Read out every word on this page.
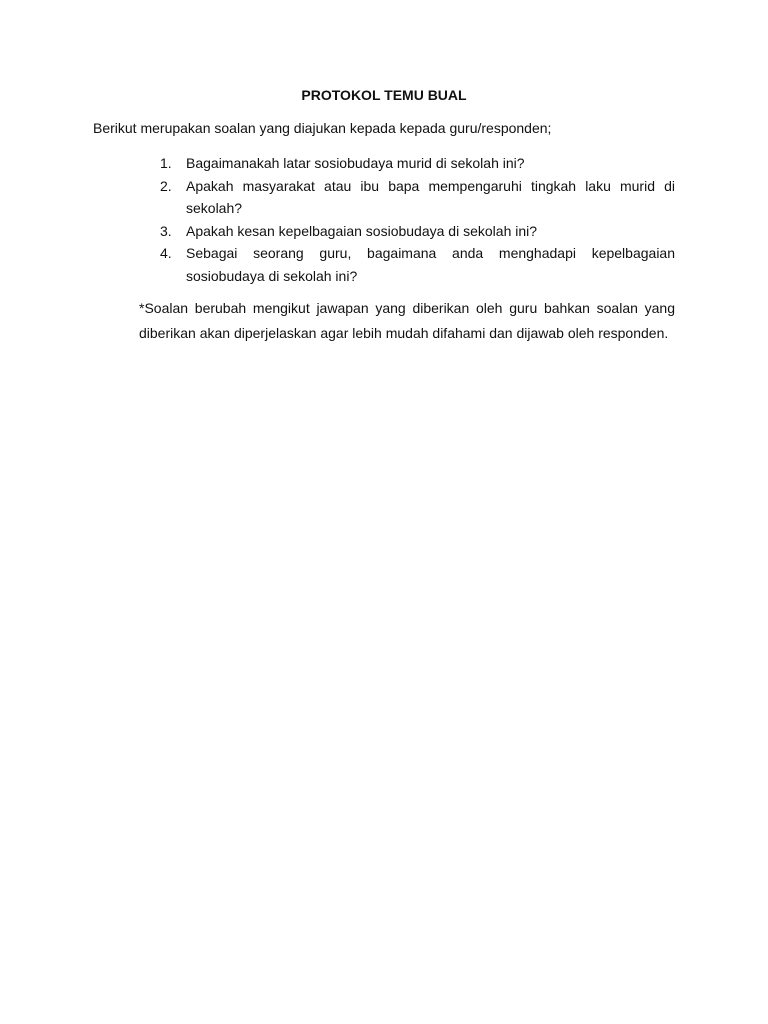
PROTOKOL TEMU BUAL
Berikut merupakan soalan yang diajukan kepada kepada guru/responden;
1.	Bagaimanakah latar sosiobudaya murid di sekolah ini?
2.	Apakah masyarakat atau ibu bapa mempengaruhi tingkah laku murid di sekolah?
3.	Apakah kesan kepelbagaian sosiobudaya di sekolah ini?
4.	Sebagai seorang guru, bagaimana anda menghadapi kepelbagaian sosiobudaya di sekolah ini?

*Soalan berubah mengikut jawapan yang diberikan oleh guru bahkan soalan yang diberikan akan diperjelaskan agar lebih mudah difahami dan dijawab oleh responden.
